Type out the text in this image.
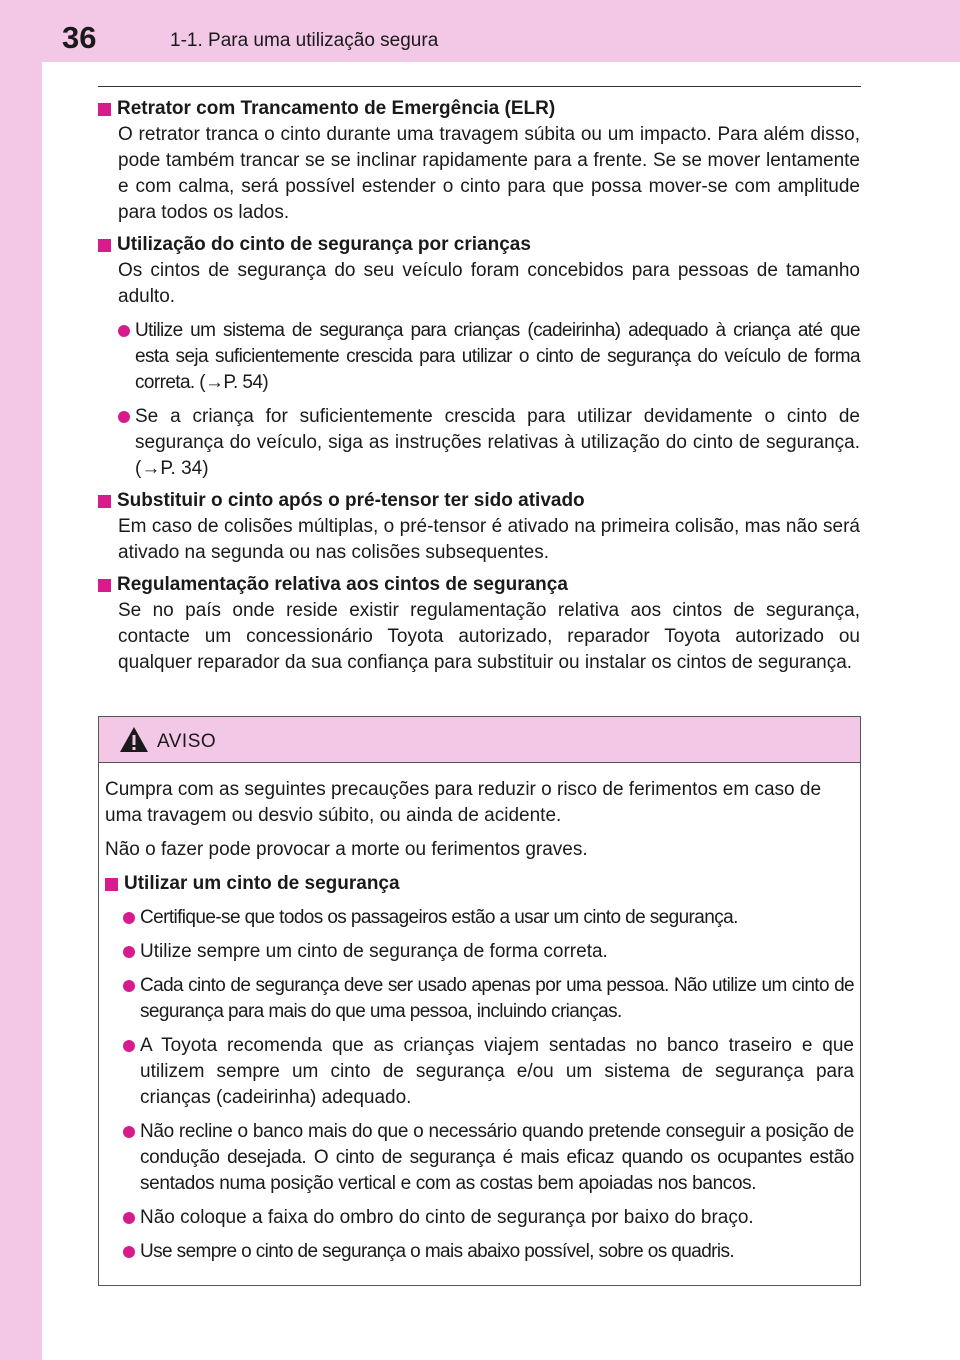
36	1-1. Para uma utilização segura
Retrator com Trancamento de Emergência (ELR)
O retrator tranca o cinto durante uma travagem súbita ou um impacto. Para além disso, pode também trancar se se inclinar rapidamente para a frente. Se se mover lentamente e com calma, será possível estender o cinto para que possa mover-se com amplitude para todos os lados.
Utilização do cinto de segurança por crianças
Os cintos de segurança do seu veículo foram concebidos para pessoas de tamanho adulto.
Utilize um sistema de segurança para crianças (cadeirinha) adequado à criança até que esta seja suficientemente crescida para utilizar o cinto de segurança do veículo de forma correta. (→P. 54)
Se a criança for suficientemente crescida para utilizar devidamente o cinto de segurança do veículo, siga as instruções relativas à utilização do cinto de segurança. (→P. 34)
Substituir o cinto após o pré-tensor ter sido ativado
Em caso de colisões múltiplas, o pré-tensor é ativado na primeira colisão, mas não será ativado na segunda ou nas colisões subsequentes.
Regulamentação relativa aos cintos de segurança
Se no país onde reside existir regulamentação relativa aos cintos de segurança, contacte um concessionário Toyota autorizado, reparador Toyota autorizado ou qualquer reparador da sua confiança para substituir ou instalar os cintos de segurança.
AVISO
Cumpra com as seguintes precauções para reduzir o risco de ferimentos em caso de uma travagem ou desvio súbito, ou ainda de acidente.
Não o fazer pode provocar a morte ou ferimentos graves.
Utilizar um cinto de segurança
Certifique-se que todos os passageiros estão a usar um cinto de segurança.
Utilize sempre um cinto de segurança de forma correta.
Cada cinto de segurança deve ser usado apenas por uma pessoa. Não utilize um cinto de segurança para mais do que uma pessoa, incluindo crianças.
A Toyota recomenda que as crianças viajem sentadas no banco traseiro e que utilizem sempre um cinto de segurança e/ou um sistema de segurança para crianças (cadeirinha) adequado.
Não recline o banco mais do que o necessário quando pretende conseguir a posição de condução desejada. O cinto de segurança é mais eficaz quando os ocupantes estão sentados numa posição vertical e com as costas bem apoiadas nos bancos.
Não coloque a faixa do ombro do cinto de segurança por baixo do braço.
Use sempre o cinto de segurança o mais abaixo possível, sobre os quadris.
